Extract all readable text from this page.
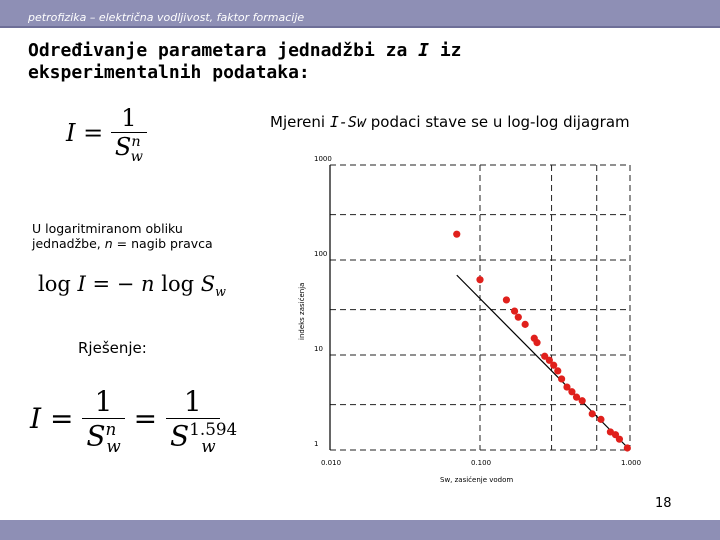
petrofizika – električna vodljivost, faktor formacije
Određivanje parametara jednadžbi za I iz
eksperimentalnih podataka:
$I = \frac{1}{S^n_w}$	Mjereni I-Sw podaci stave se u log-log dijagram
U logaritmiranom obliku
jednadžbe, n = nagib pravca
log I = − n $\log S_w$
Rješenje:
$I = \frac{1}{S^n_w} = \frac{1}{S^{1.594}_w}$
1000
100
10
1
0.010	0.100	1.000
Sw, zasićenje vodom
indeks zasićenja
18
